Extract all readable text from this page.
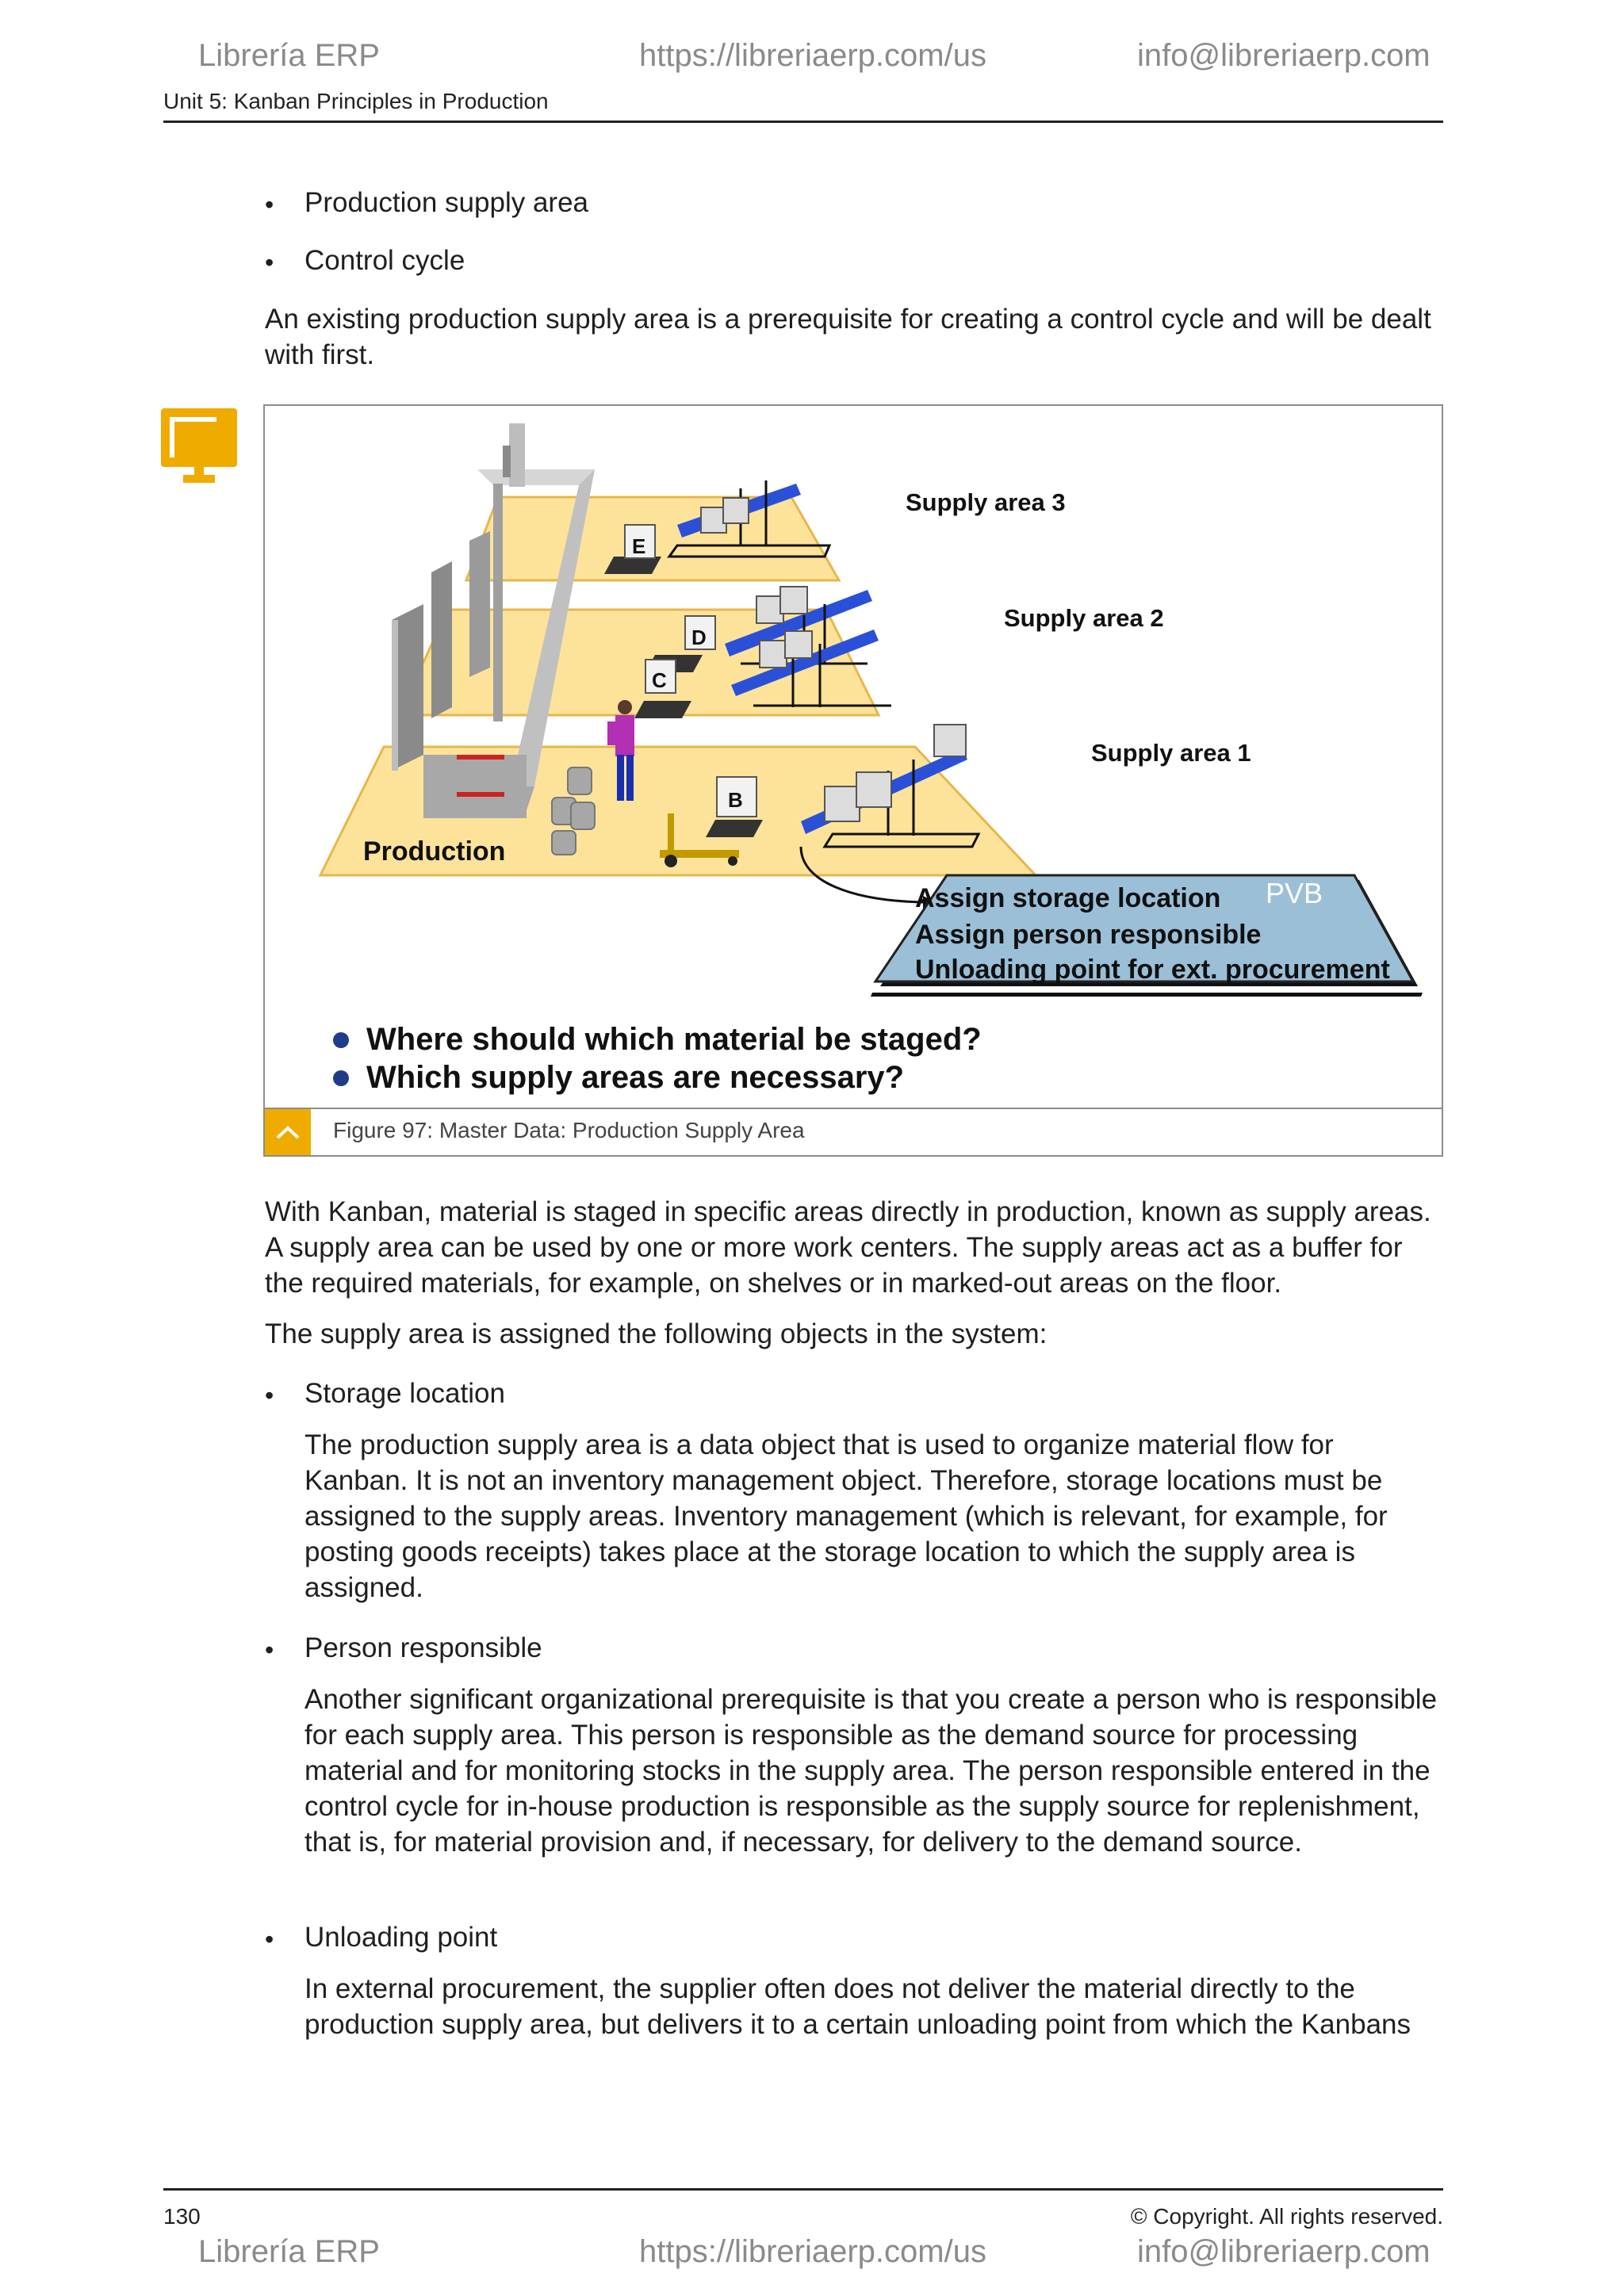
Librería ERP	https://libreriaerp.com/us	info@libreriaerp.com
Unit 5: Kanban Principles in Production
• Production supply area
• Control cycle
An existing production supply area is a prerequisite for creating a control cycle and will be dealt with first.
E
D
C
B
Supply area 3
Supply area 2
Supply area 1
Production
PVB
Assign storage location
Assign person responsible
Unloading point for ext. procurement
Where should which material be staged?
Which supply areas are necessary?
Figure 97: Master Data: Production Supply Area
With Kanban, material is staged in specific areas directly in production, known as supply areas. A supply area can be used by one or more work centers. The supply areas act as a buffer for the required materials, for example, on shelves or in marked-out areas on the floor.
The supply area is assigned the following objects in the system:
• Storage location
The production supply area is a data object that is used to organize material flow for Kanban. It is not an inventory management object. Therefore, storage locations must be assigned to the supply areas. Inventory management (which is relevant, for example, for posting goods receipts) takes place at the storage location to which the supply area is assigned.
• Person responsible
Another significant organizational prerequisite is that you create a person who is responsible for each supply area. This person is responsible as the demand source for processing material and for monitoring stocks in the supply area. The person responsible entered in the control cycle for in-house production is responsible as the supply source for replenishment, that is, for material provision and, if necessary, for delivery to the demand source.
• Unloading point
In external procurement, the supplier often does not deliver the material directly to the production supply area, but delivers it to a certain unloading point from which the Kanbans
130	© Copyright. All rights reserved.
Librería ERP	https://libreriaerp.com/us	info@libreriaerp.com
